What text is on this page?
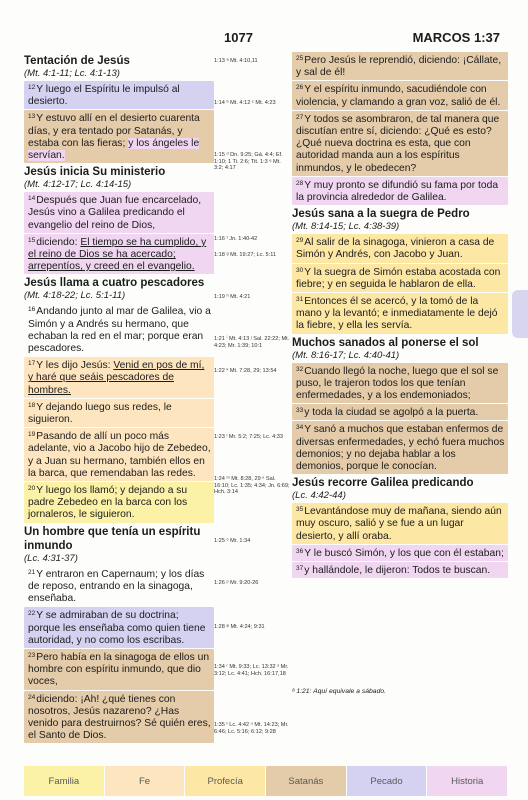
1077	MARCOS 1:37
Tentación de Jesús
(Mt. 4:1-11; Lc. 4:1-13)
$^{12}$Y luego el Espíritu le impulsó al desierto.
$^{13}$Y estuvo allí en el desierto cuarenta días, y era tentado por Satanás, y estaba con las fieras; y los ángeles le servían.
Jesús inicia Su ministerio
(Mt. 4:12-17; Lc. 4:14-15)
$^{14}$Después que Juan fue encarcelado, Jesús vino a Galilea predicando el evangelio del reino de Dios,
$^{15}$diciendo: El tiempo se ha cumplido, y el reino de Dios se ha acercado; arrepentíos, y creed en el evangelio.
Jesús llama a cuatro pescadores
(Mt. 4:18-22; Lc. 5:1-11)
$^{16}$Andando junto al mar de Galilea, vio a Simón y a Andrés su hermano, que echaban la red en el mar; porque eran pescadores.
$^{17}$Y les dijo Jesús: Venid en pos de mí, y haré que seáis pescadores de hombres.
$^{18}$Y dejando luego sus redes, le siguieron.
$^{19}$Pasando de allí un poco más adelante, vio a Jacobo hijo de Zebedeo, y a Juan su hermano, también ellos en la barca, que remendaban las redes.
$^{20}$Y luego los llamó; y dejando a su padre Zebedeo en la barca con los jornaleros, le siguieron.
Un hombre que tenía un espíritu inmundo
(Lc. 4:31-37)
$^{21}$Y entraron en Capernaum; y los días de reposo, entrando en la sinagoga, enseñaba.
$^{22}$Y se admiraban de su doctrina; porque les enseñaba como quien tiene autoridad, y no como los escribas.
$^{23}$Pero había en la sinagoga de ellos un hombre con espíritu inmundo, que dio voces,
$^{24}$diciendo: ¡Ah! ¿qué tienes con nosotros, Jesús nazareno? ¿Has venido para destruirnos? Sé quién eres, el Santo de Dios.
1:13 ᵃ Mt. 4:10,11
1:14 ᵇ Mt. 4:12 ᶜ Mt. 4:23
1:15 ᵈ Dn. 9:25; Gá. 4:4; Ef. 1:10; 1 Ti. 2:6; Tit. 1:3 ᵉ Mt. 3:2; 4:17
1:16 ᶠ Jn. 1:40-42
1:18 ᵍ Mt. 19:27; Lc. 5:11
1:19 ʰ Mt. 4:21
1:21 ⁱ Mt. 4:13 ʲ Sal. 22:22; Mt. 4:23; Mr. 1:39; 10:1
1:22 ᵏ Mt. 7:28, 29; 13:54
1:23 ˡ Mr. 5:2; 7:25; Lc. 4:33
1:24 ᵐ Mt. 8:28, 29 ⁿ Sal. 16:10; Lc. 1:35; 4:34; Jn. 6:69; Hch. 3:14
1:25 ᵒ Mr. 1:34
1:26 ᵖ Mr. 9:20-26
1:28 ᵠ Mt. 4:24; 9:31
1:34 ʳ Mt. 9:33; Lc. 13:32 ˢ Mr. 3:12; Lc. 4:41; Hch. 16:17,18
1:35 ᵗ Lc. 4:42 ᵘ Mt. 14:23; Mr. 6:46; Lc. 5:16; 6:12; 9:28
$^{25}$Pero Jesús le reprendió, diciendo: ¡Cállate, y sal de él!
$^{26}$Y el espíritu inmundo, sacudiéndole con violencia, y clamando a gran voz, salió de él.
$^{27}$Y todos se asombraron, de tal manera que discutían entre sí, diciendo: ¿Qué es esto? ¿Qué nueva doctrina es esta, que con autoridad manda aun a los espíritus inmundos, y le obedecen?
$^{28}$Y muy pronto se difundió su fama por toda la provincia alrededor de Galilea.
Jesús sana a la suegra de Pedro
(Mt. 8:14-15; Lc. 4:38-39)
$^{29}$Al salir de la sinagoga, vinieron a casa de Simón y Andrés, con Jacobo y Juan.
$^{30}$Y la suegra de Simón estaba acostada con fiebre; y en seguida le hablaron de ella.
$^{31}$Entonces él se acercó, y la tomó de la mano y la levantó; e inmediatamente le dejó la fiebre, y ella les servía.
Muchos sanados al ponerse el sol
(Mt. 8:16-17; Lc. 4:40-41)
$^{32}$Cuando llegó la noche, luego que el sol se puso, le trajeron todos los que tenían enfermedades, y a los endemoniados;
$^{33}$y toda la ciudad se agolpó a la puerta.
$^{34}$Y sanó a muchos que estaban enfermos de diversas enfermedades, y echó fuera muchos demonios; y no dejaba hablar a los demonios, porque le conocían.
Jesús recorre Galilea predicando
(Lc. 4:42-44)
$^{35}$Levantándose muy de mañana, siendo aún muy oscuro, salió y se fue a un lugar desierto, y allí oraba.
$^{36}$Y le buscó Simón, y los que con él estaban;
$^{37}$y hallándole, le dijeron: Todos te buscan.
ᵃ 1:21: Aquí equivale a sábado.
Familia	Fe	Profecía	Satanás	Pecado	Historia
